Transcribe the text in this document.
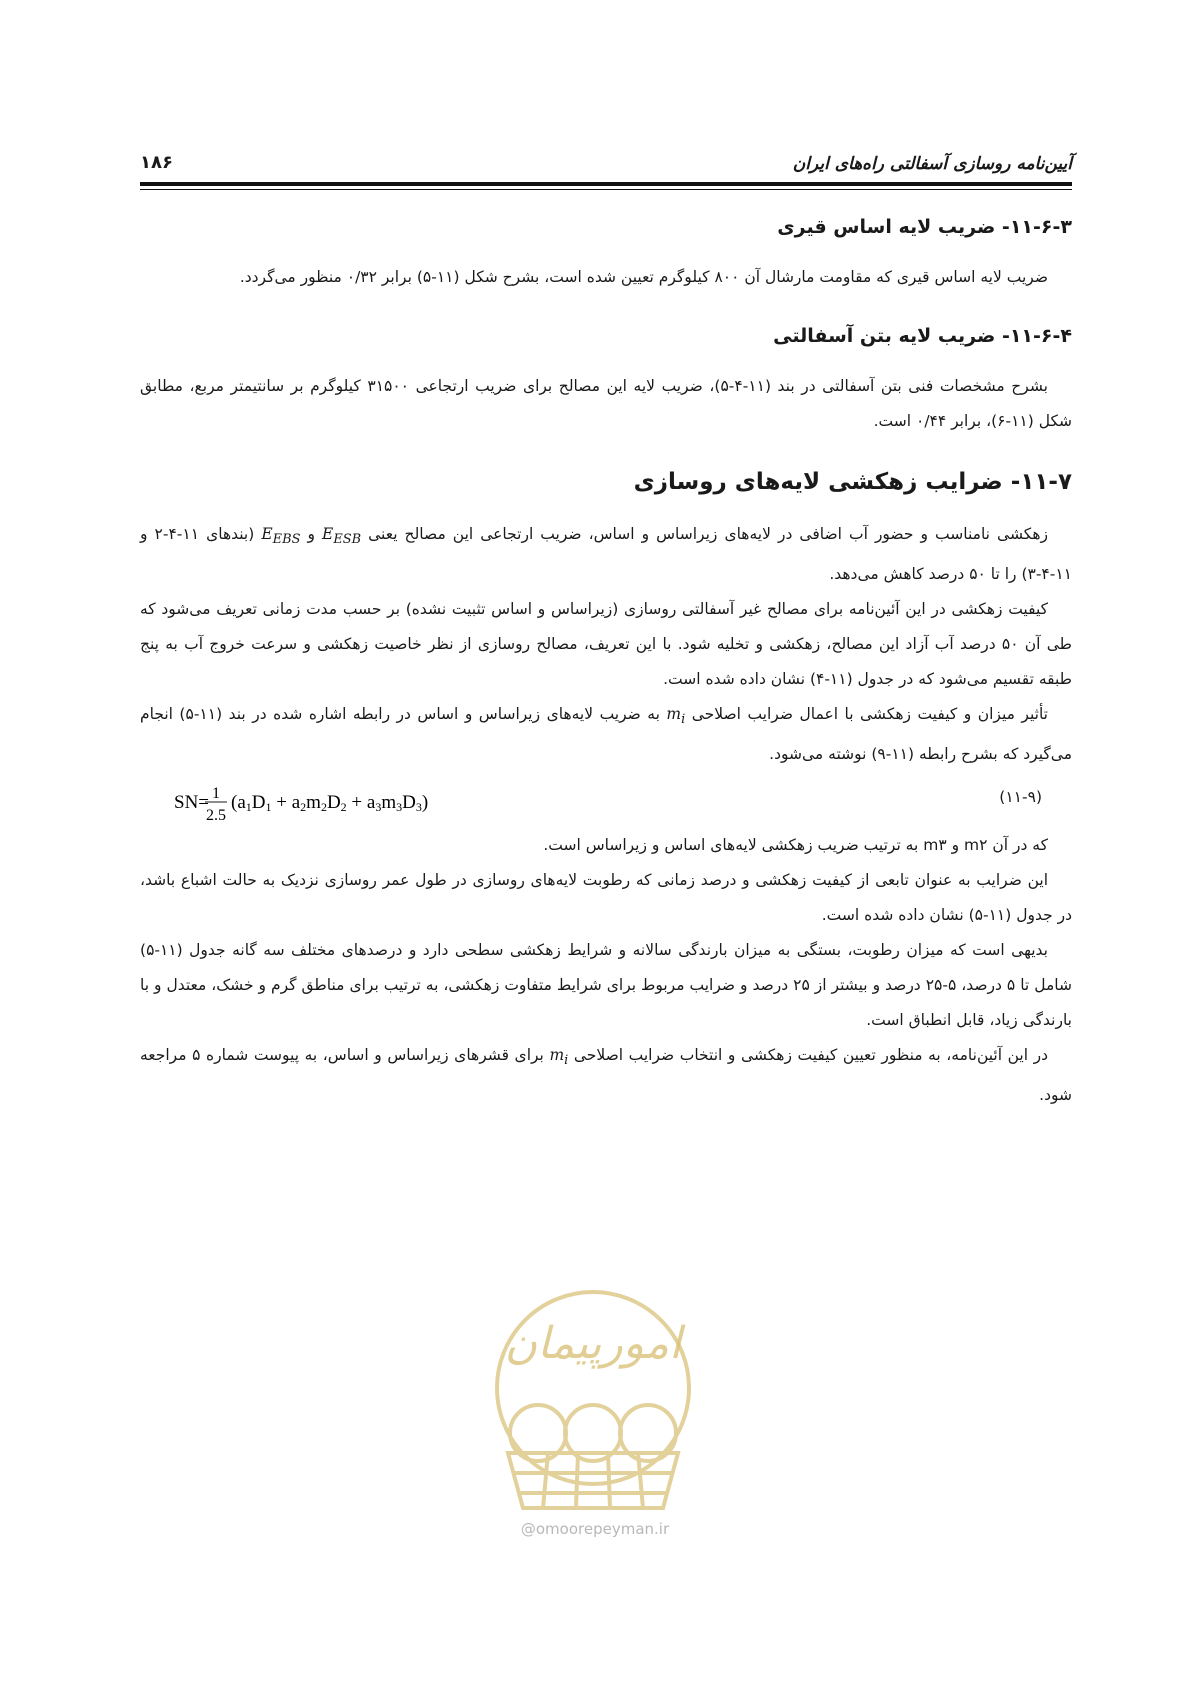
آیین‌نامه روسازی آسفالتی راه‌های ایران
۱۸۶
۱۱-۶-۳- ضریب لایه اساس قیری

ضریب لایه اساس قیری که مقاومت مارشال آن ۸۰۰ کیلوگرم تعیین شده است، بشرح شکل (۱۱-۵) برابر ۰/۳۲ منظور می‌گردد.

۱۱-۶-۴- ضریب لایه بتن آسفالتی

بشرح مشخصات فنی بتن آسفالتی در بند (۱۱-۴-۵)، ضریب لایه این مصالح برای ضریب ارتجاعی ۳۱۵۰۰ کیلوگرم بر سانتیمتر مربع، مطابق شکل (۱۱-۶)، برابر ۰/۴۴ است.

۱۱-۷- ضرایب زهکشی لایه‌های روسازی

زهکشی نامناسب و حضور آب اضافی در لایه‌های زیراساس و اساس، ضریب ارتجاعی این مصالح یعنی $E_{ESB}$ و $E_{EBS}$ (بندهای ۱۱-۴-۲ و ۱۱-۴-۳) را تا ۵۰ درصد کاهش می‌دهد.

کیفیت زهکشی در این آئین‌نامه برای مصالح غیر آسفالتی روسازی (زیراساس و اساس تثبیت نشده) بر حسب مدت زمانی تعریف می‌شود که طی آن ۵۰ درصد آب آزاد این مصالح، زهکشی و تخلیه شود. با این تعریف، مصالح روسازی از نظر خاصیت زهکشی و سرعت خروج آب به پنج طبقه تقسیم می‌شود که در جدول (۱۱-۴) نشان داده شده است.

تأثیر میزان و کیفیت زهکشی با اعمال ضرایب اصلاحی $m_i$ به ضریب لایه‌های زیراساس و اساس در رابطه اشاره شده در بند (۱۱-۵) انجام می‌گیرد که بشرح رابطه (۱۱-۹) نوشته می‌شود.

SN= 1
2.5
(a1D1 + a2m2D2 + a3m3D3)	(۱۱-۹)

که در آن m۲ و m۳ به ترتیب ضریب زهکشی لایه‌های اساس و زیراساس است.

این ضرایب به عنوان تابعی از کیفیت زهکشی و درصد زمانی که رطوبت لایه‌های روسازی در طول عمر روسازی نزدیک به حالت اشباع باشد، در جدول (۱۱-۵) نشان داده شده است.

بدیهی است که میزان رطوبت، بستگی به میزان بارندگی سالانه و شرایط زهکشی سطحی دارد و درصدهای مختلف سه گانه جدول (۱۱-۵) شامل تا ۵ درصد، ۵-۲۵ درصد و بیشتر از ۲۵ درصد و ضرایب مربوط برای شرایط متفاوت زهکشی، به ترتیب برای مناطق گرم و خشک، معتدل و با بارندگی زیاد، قابل انطباق است.

در این آئین‌نامه، به منظور تعیین کیفیت زهکشی و انتخاب ضرایب اصلاحی $m_i$ برای قشرهای زیراساس و اساس، به پیوست شماره ۵ مراجعه شود.

امورپیمان
@omoorepeyman.ir
